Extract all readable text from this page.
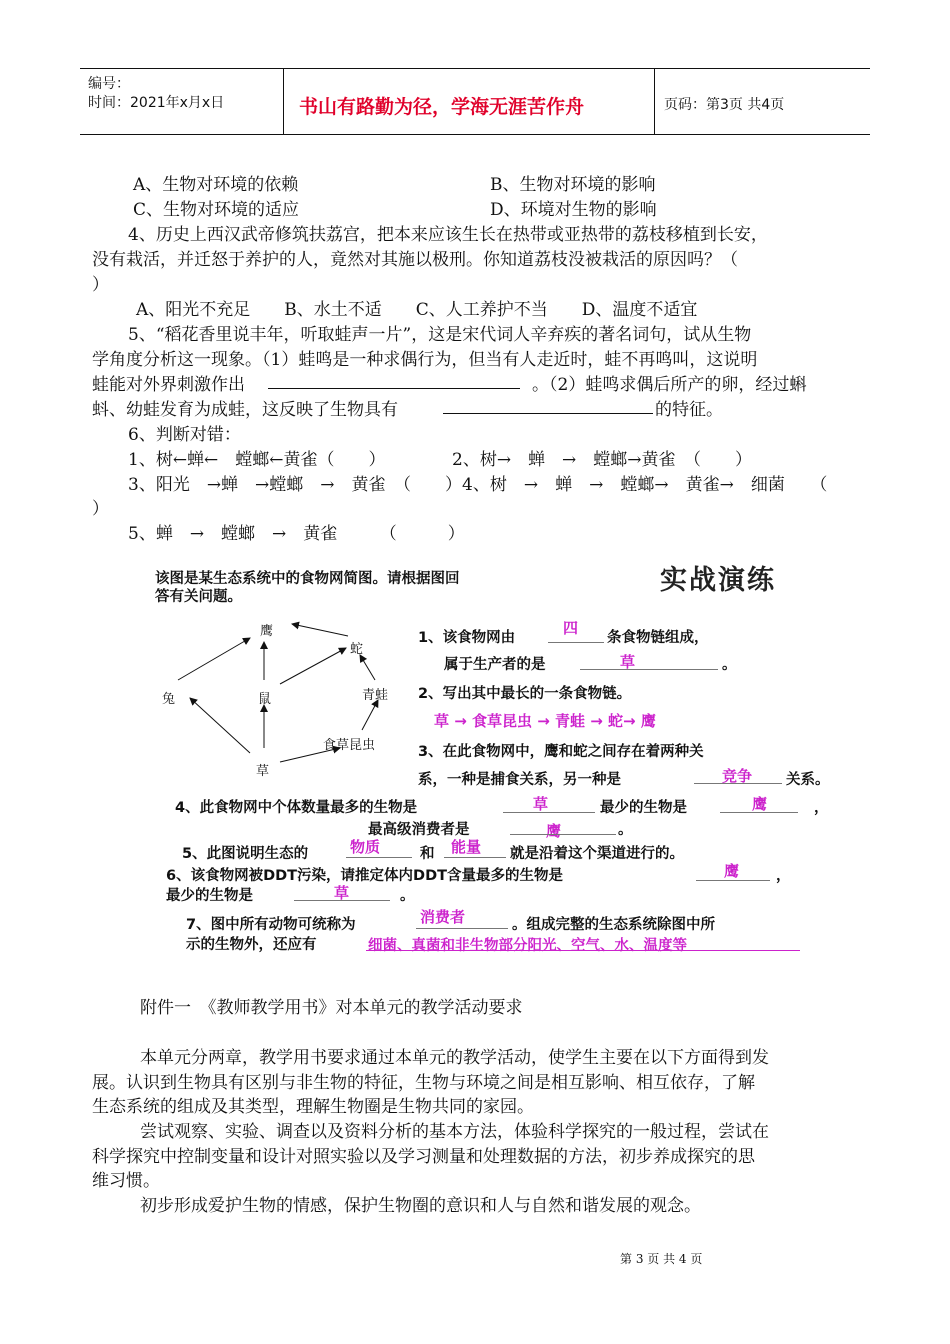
编号：
时间：2021年x月x日	书山有路勤为径，学海无涯苦作舟	页码：第3页 共4页
A、生物对环境的依赖	B、生物对环境的影响
C、生物对环境的适应	D、环境对生物的影响
4、历史上西汉武帝修筑扶荔宫，把本来应该生长在热带或亚热带的荔枝移植到长安，
没有栽活，并迁怒于养护的人，竟然对其施以极刑。你知道荔枝没被栽活的原因吗？（
）
A、阳光不充足　　B、水土不适　　C、人工养护不当　　D、温度不适宜
5、“稻花香里说丰年，听取蛙声一片”，这是宋代词人辛弃疾的著名词句，试从生物
学角度分析这一现象。（1）蛙鸣是一种求偶行为，但当有人走近时，蛙不再鸣叫，这说明
蛙能对外界刺激作出	。（2）蛙鸣求偶后所产的卵，经过蝌
蚪、幼蛙发育为成蛙，这反映了生物具有	的特征。
6、判断对错：
1、树←蝉←　螳螂←黄雀（　　）	2、树→　蝉　→　螳螂→黄雀　（　　）
3、阳光　→蝉　→螳螂　→　黄雀　（　　）4、树　→　蝉　→　螳螂→　黄雀→　细菌　　（
）
5、蝉　→　螳螂　→　黄雀　　　（　　　）
该图是某生态系统中的食物网简图。请根据图回
答有关问题。
实战演练
鹰
蛇
兔	鼠	青蛙
食草昆虫
草
1、该食物网由
四
条食物链组成，
属于生产者的是	草	。
2、写出其中最长的一条食物链。
草 → 食草昆虫 → 青蛙 → 蛇→ 鹰
3、在此食物网中，鹰和蛇之间存在着两种关
系，一种是捕食关系，另一种是	竞争 关系。
4、此食物网中个体数量最多的生物是	草	最少的生物是	鹰	，
最高级消费者是	鹰	。
5、此图说明生态的	物质	和 能量 就是沿着这个渠道进行的。
6、该食物网被DDT污染，请推定体内DDT含量最多的生物是	鹰	，
最少的生物是	草	。
7、图中所有动物可统称为	消费者	。组成完整的生态系统除图中所
示的生物外，还应有	细菌、真菌和非生物部分阳光、空气、水、温度等
附件一　《教师教学用书》对本单元的教学活动要求
本单元分两章，教学用书要求通过本单元的教学活动，使学生主要在以下方面得到发
展。认识到生物具有区别与非生物的特征，生物与环境之间是相互影响、相互依存，了解
生态系统的组成及其类型，理解生物圈是生物共同的家园。
尝试观察、实验、调查以及资料分析的基本方法，体验科学探究的一般过程，尝试在
科学探究中控制变量和设计对照实验以及学习测量和处理数据的方法，初步养成探究的思
维习惯。
初步形成爱护生物的情感，保护生物圈的意识和人与自然和谐发展的观念。
第 3 页 共 4 页
